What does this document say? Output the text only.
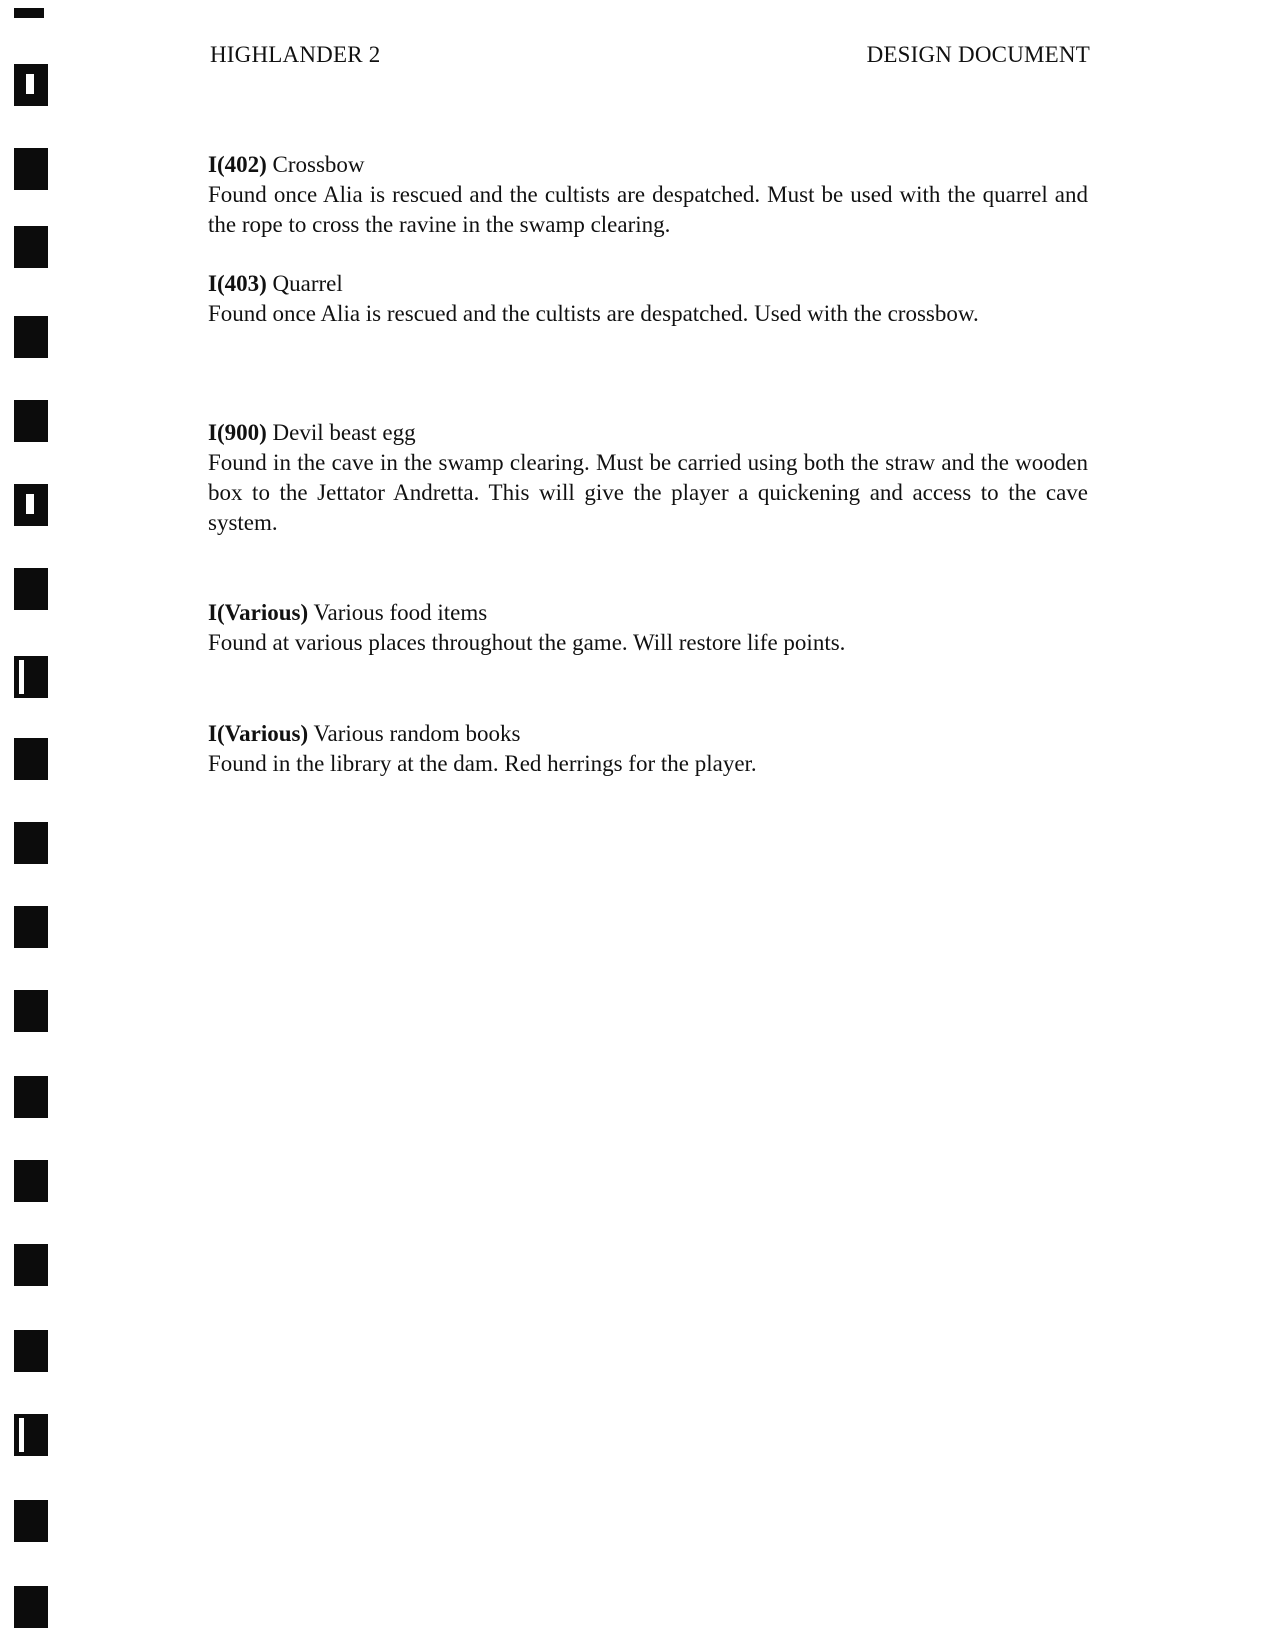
HIGHLANDER 2	DESIGN DOCUMENT
I(402) Crossbow
Found once Alia is rescued and the cultists are despatched. Must be used with the quarrel and the rope to cross the ravine in the swamp clearing.
I(403) Quarrel
Found once Alia is rescued and the cultists are despatched. Used with the crossbow.
I(900) Devil beast egg
Found in the cave in the swamp clearing. Must be carried using both the straw and the wooden box to the Jettator Andretta. This will give the player a quickening and access to the cave system.
I(Various) Various food items
Found at various places throughout the game. Will restore life points.
I(Various) Various random books
Found in the library at the dam. Red herrings for the player.
